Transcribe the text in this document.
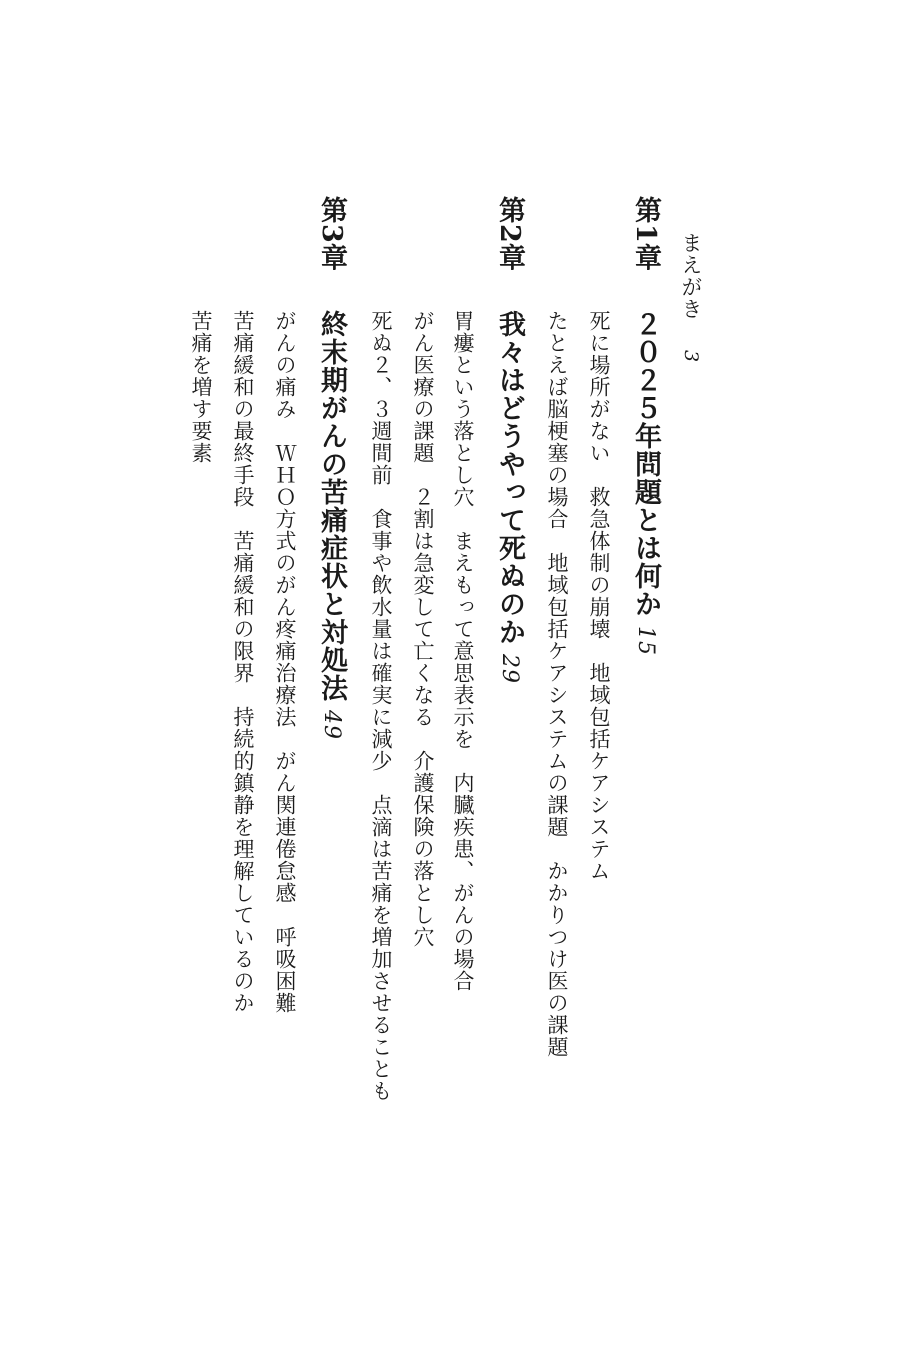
まえがき3
第1章
２０２５年問題とは何か15
死に場所がない　救急体制の崩壊　地域包括ケアシステム
たとえば脳梗塞の場合　地域包括ケアシステムの課題　かかりつけ医の課題
第2章
我々はどうやって死ぬのか29
胃瘻という落とし穴　まえもって意思表示を　内臓疾患、がんの場合
がん医療の課題　２割は急変して亡くなる　介護保険の落とし穴
死ぬ２、３週間前　食事や飲水量は確実に減少　点滴は苦痛を増加させることも
第3章
終末期がんの苦痛症状と対処法49
がんの痛み　ＷＨＯ方式のがん疼痛治療法　がん関連倦怠感　呼吸困難
苦痛緩和の最終手段　苦痛緩和の限界　持続的鎮静を理解しているのか
苦痛を増す要素
